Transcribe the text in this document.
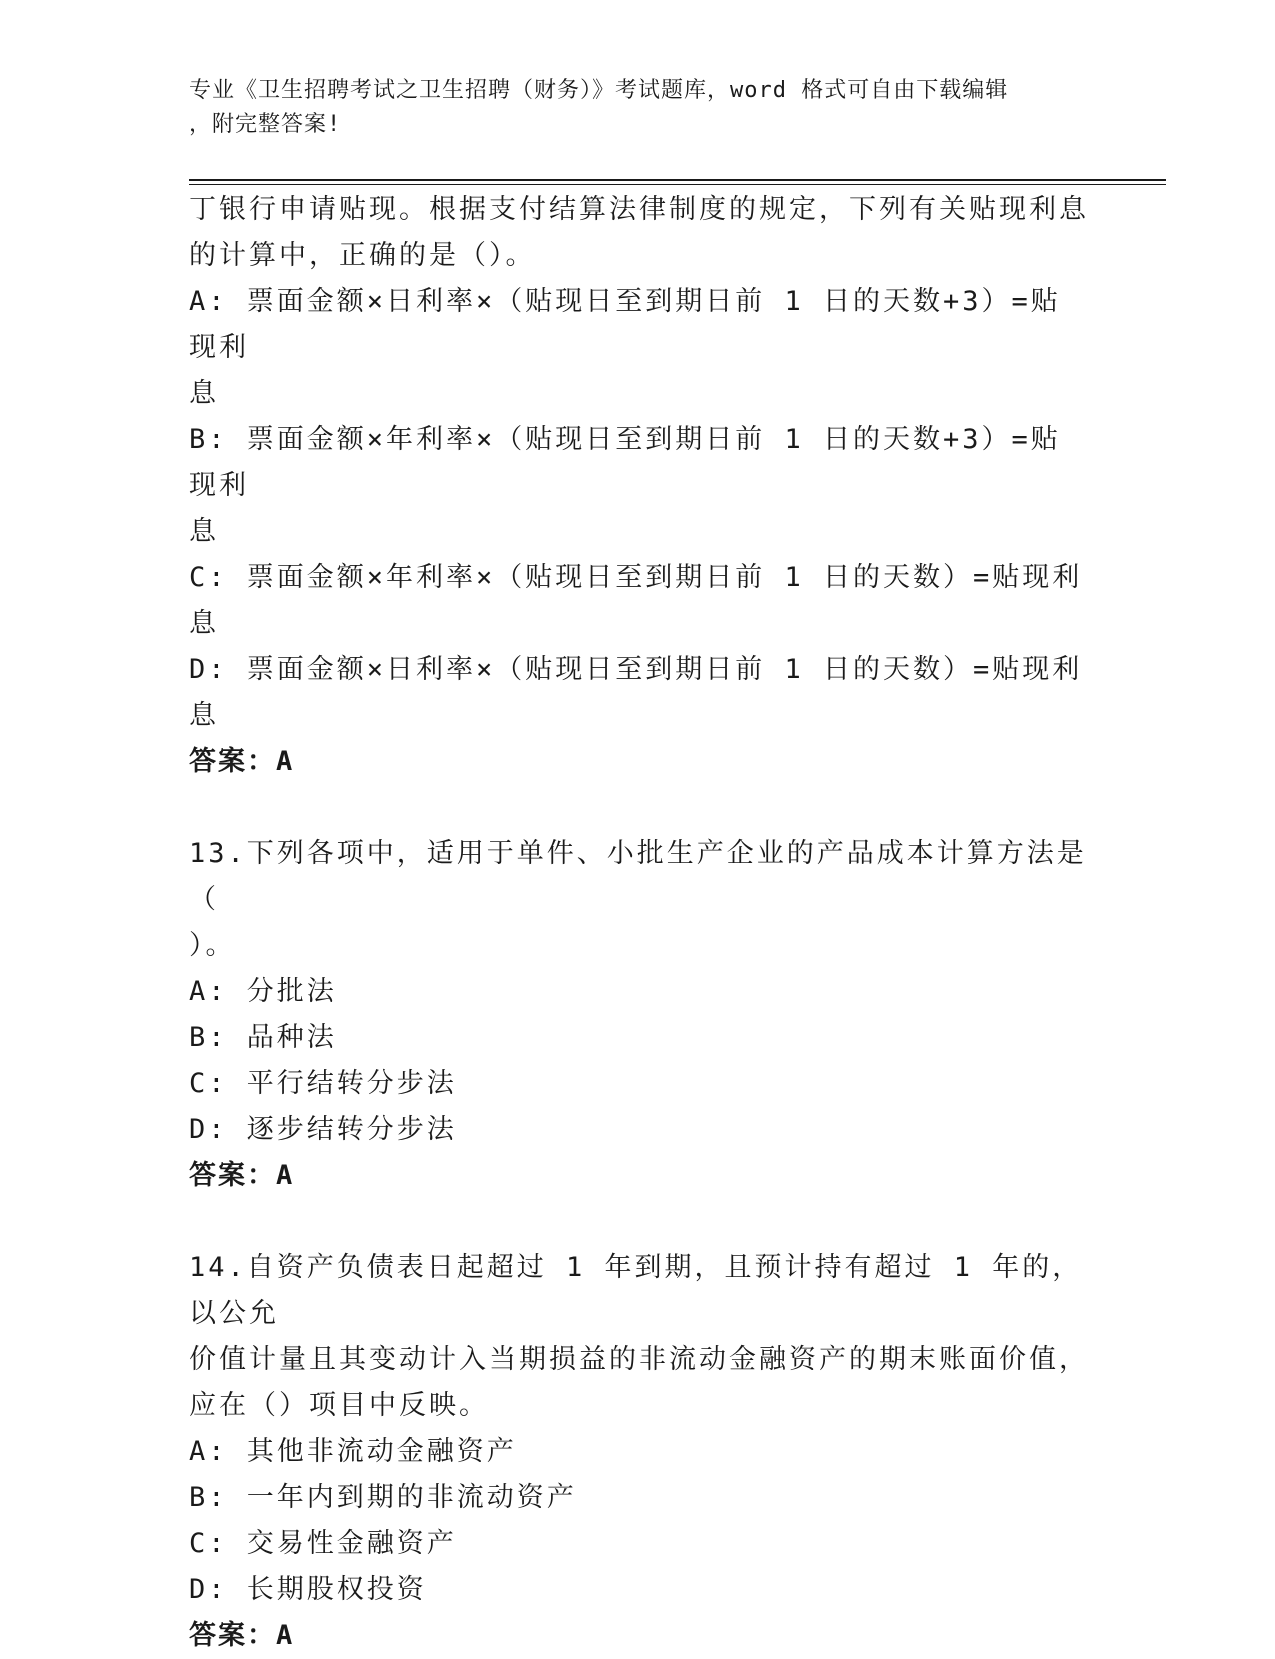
专业《卫生招聘考试之卫生招聘（财务）》考试题库，word 格式可自由下载编辑
，附完整答案!
丁银行申请贴现。根据支付结算法律制度的规定，下列有关贴现利息
的计算中，正确的是（）。
A: 票面金额×日利率×（贴现日至到期日前 1 日的天数+3）=贴现利
息
B: 票面金额×年利率×（贴现日至到期日前 1 日的天数+3）=贴现利
息
C: 票面金额×年利率×（贴现日至到期日前 1 日的天数）=贴现利息
D: 票面金额×日利率×（贴现日至到期日前 1 日的天数）=贴现利息
答案：A
13.下列各项中，适用于单件、小批生产企业的产品成本计算方法是（
）。
A: 分批法
B: 品种法
C: 平行结转分步法
D: 逐步结转分步法
答案：A
14.自资产负债表日起超过 1 年到期，且预计持有超过 1 年的，以公允
价值计量且其变动计入当期损益的非流动金融资产的期末账面价值，
应在（）项目中反映。
A: 其他非流动金融资产
B: 一年内到期的非流动资产
C: 交易性金融资产
D: 长期股权投资
答案：A
